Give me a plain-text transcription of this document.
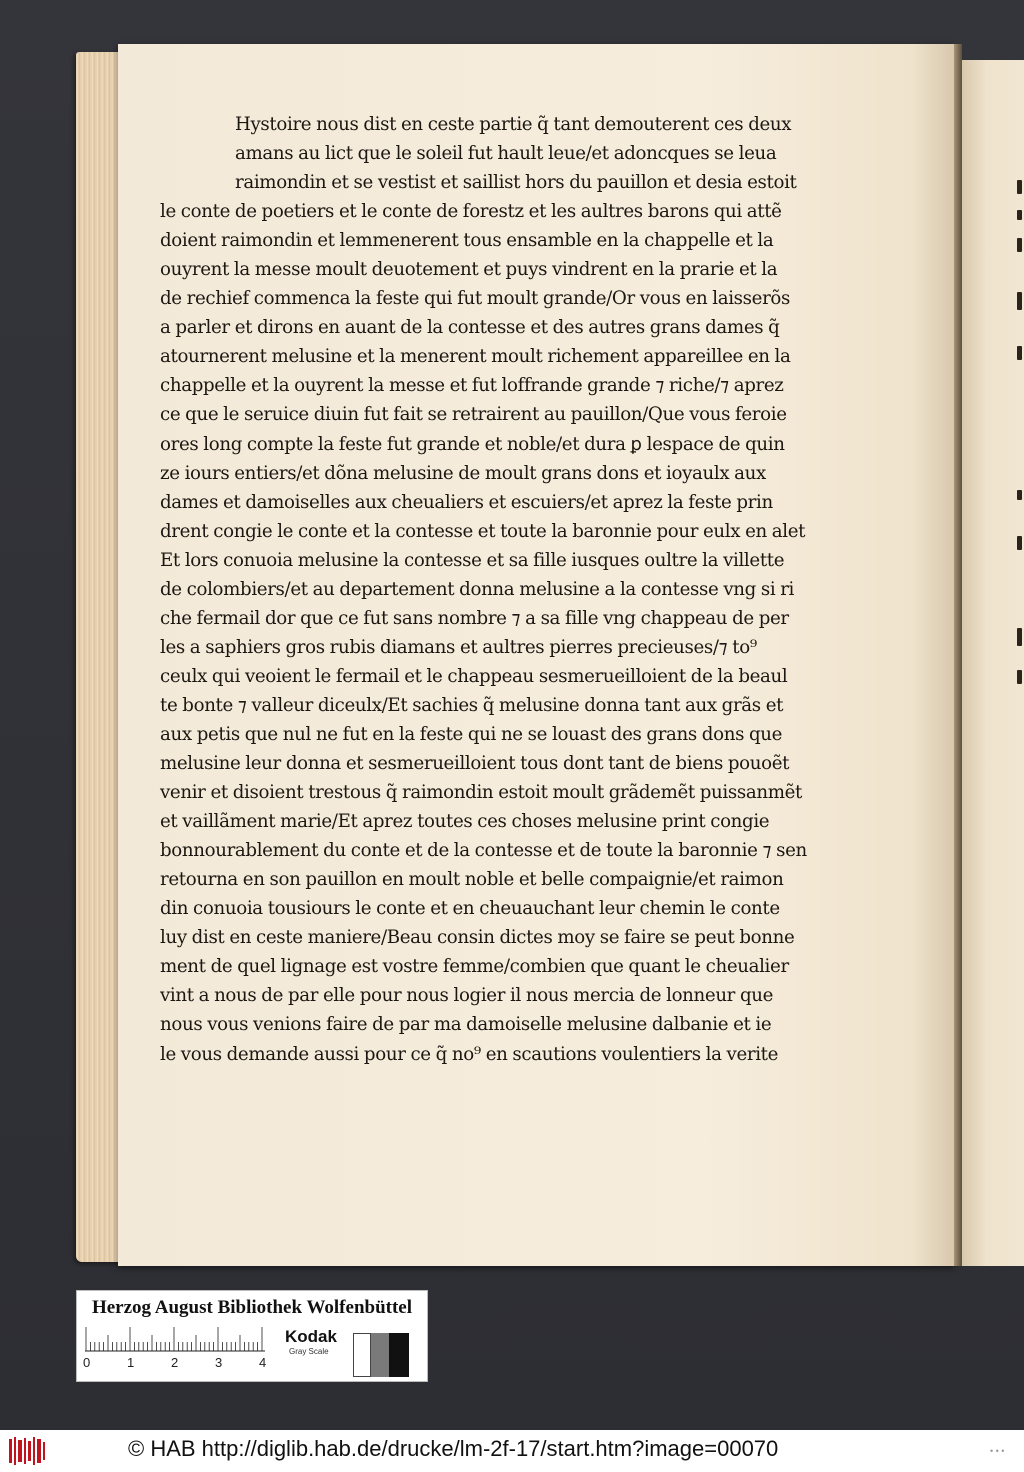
Hystoire nous dist en ceste partie q̃ tant demouterent ces deux
amans au lict que le soleil fut hault leue/et adoncques se leua
raimondin et se vestist et saillist hors du pauillon et desia estoit
le conte de poetiers et le conte de forestz et les aultres barons qui attẽ
doient raimondin et lemmenerent tous ensamble en la chappelle et la
ouyrent la messe moult deuotement et puys vindrent en la prarie et la
de rechief commenca la feste qui fut moult grande/Or vous en laisserõs
a parler et dirons en auant de la contesse et des autres grans dames q̃
atournerent melusine et la menerent moult richement appareillee en la
chappelle et la ouyrent la messe et fut loffrande grande ⁊ riche/⁊ aprez
ce que le seruice diuin fut fait se retrairent au pauillon/Que vous feroie
ores long compte la feste fut grande et noble/et dura ꝑ lespace de quin
ze iours entiers/et dõna melusine de moult grans dons et ioyaulx aux
dames et damoiselles aux cheualiers et escuiers/et aprez la feste prin
drent congie le conte et la contesse et toute la baronnie pour eulx en alet
Et lors conuoia melusine la contesse et sa fille iusques oultre la villette
de colombiers/et au departement donna melusine a la contesse vng si ri
che fermail dor que ce fut sans nombre ⁊ a sa fille vng chappeau de per
les a saphiers gros rubis diamans et aultres pierres precieuses/⁊ to⁹
ceulx qui veoient le fermail et le chappeau sesmerueilloient de la beaul
te bonte ⁊ valleur diceulx/Et sachies q̃ melusine donna tant aux grãs et
aux petis que nul ne fut en la feste qui ne se louast des grans dons que
melusine leur donna et sesmerueilloient tous dont tant de biens pouoẽt
venir et disoient trestous q̃ raimondin estoit moult grãdemẽt puissanmẽt
et vaillãment marie/Et aprez toutes ces choses melusine print congie
bonnourablement du conte et de la contesse et de toute la baronnie ⁊ sen
retourna en son pauillon en moult noble et belle compaignie/et raimon
din conuoia tousiours le conte et en cheuauchant leur chemin le conte
luy dist en ceste maniere/Beau consin dictes moy se faire se peut bonne
ment de quel lignage est vostre femme/combien que quant le cheualier
vint a nous de par elle pour nous logier il nous mercia de lonneur que
nous vous venions faire de par ma damoiselle melusine dalbanie et ie
le vous demande aussi pour ce q̃ no⁹ en scautions voulentiers la verite
Herzog August Bibliothek Wolfenbüttel
0	1	2	3	4
Kodak
Gray Scale
© HAB http://diglib.hab.de/drucke/lm-2f-17/start.htm?image=00070	• • •
